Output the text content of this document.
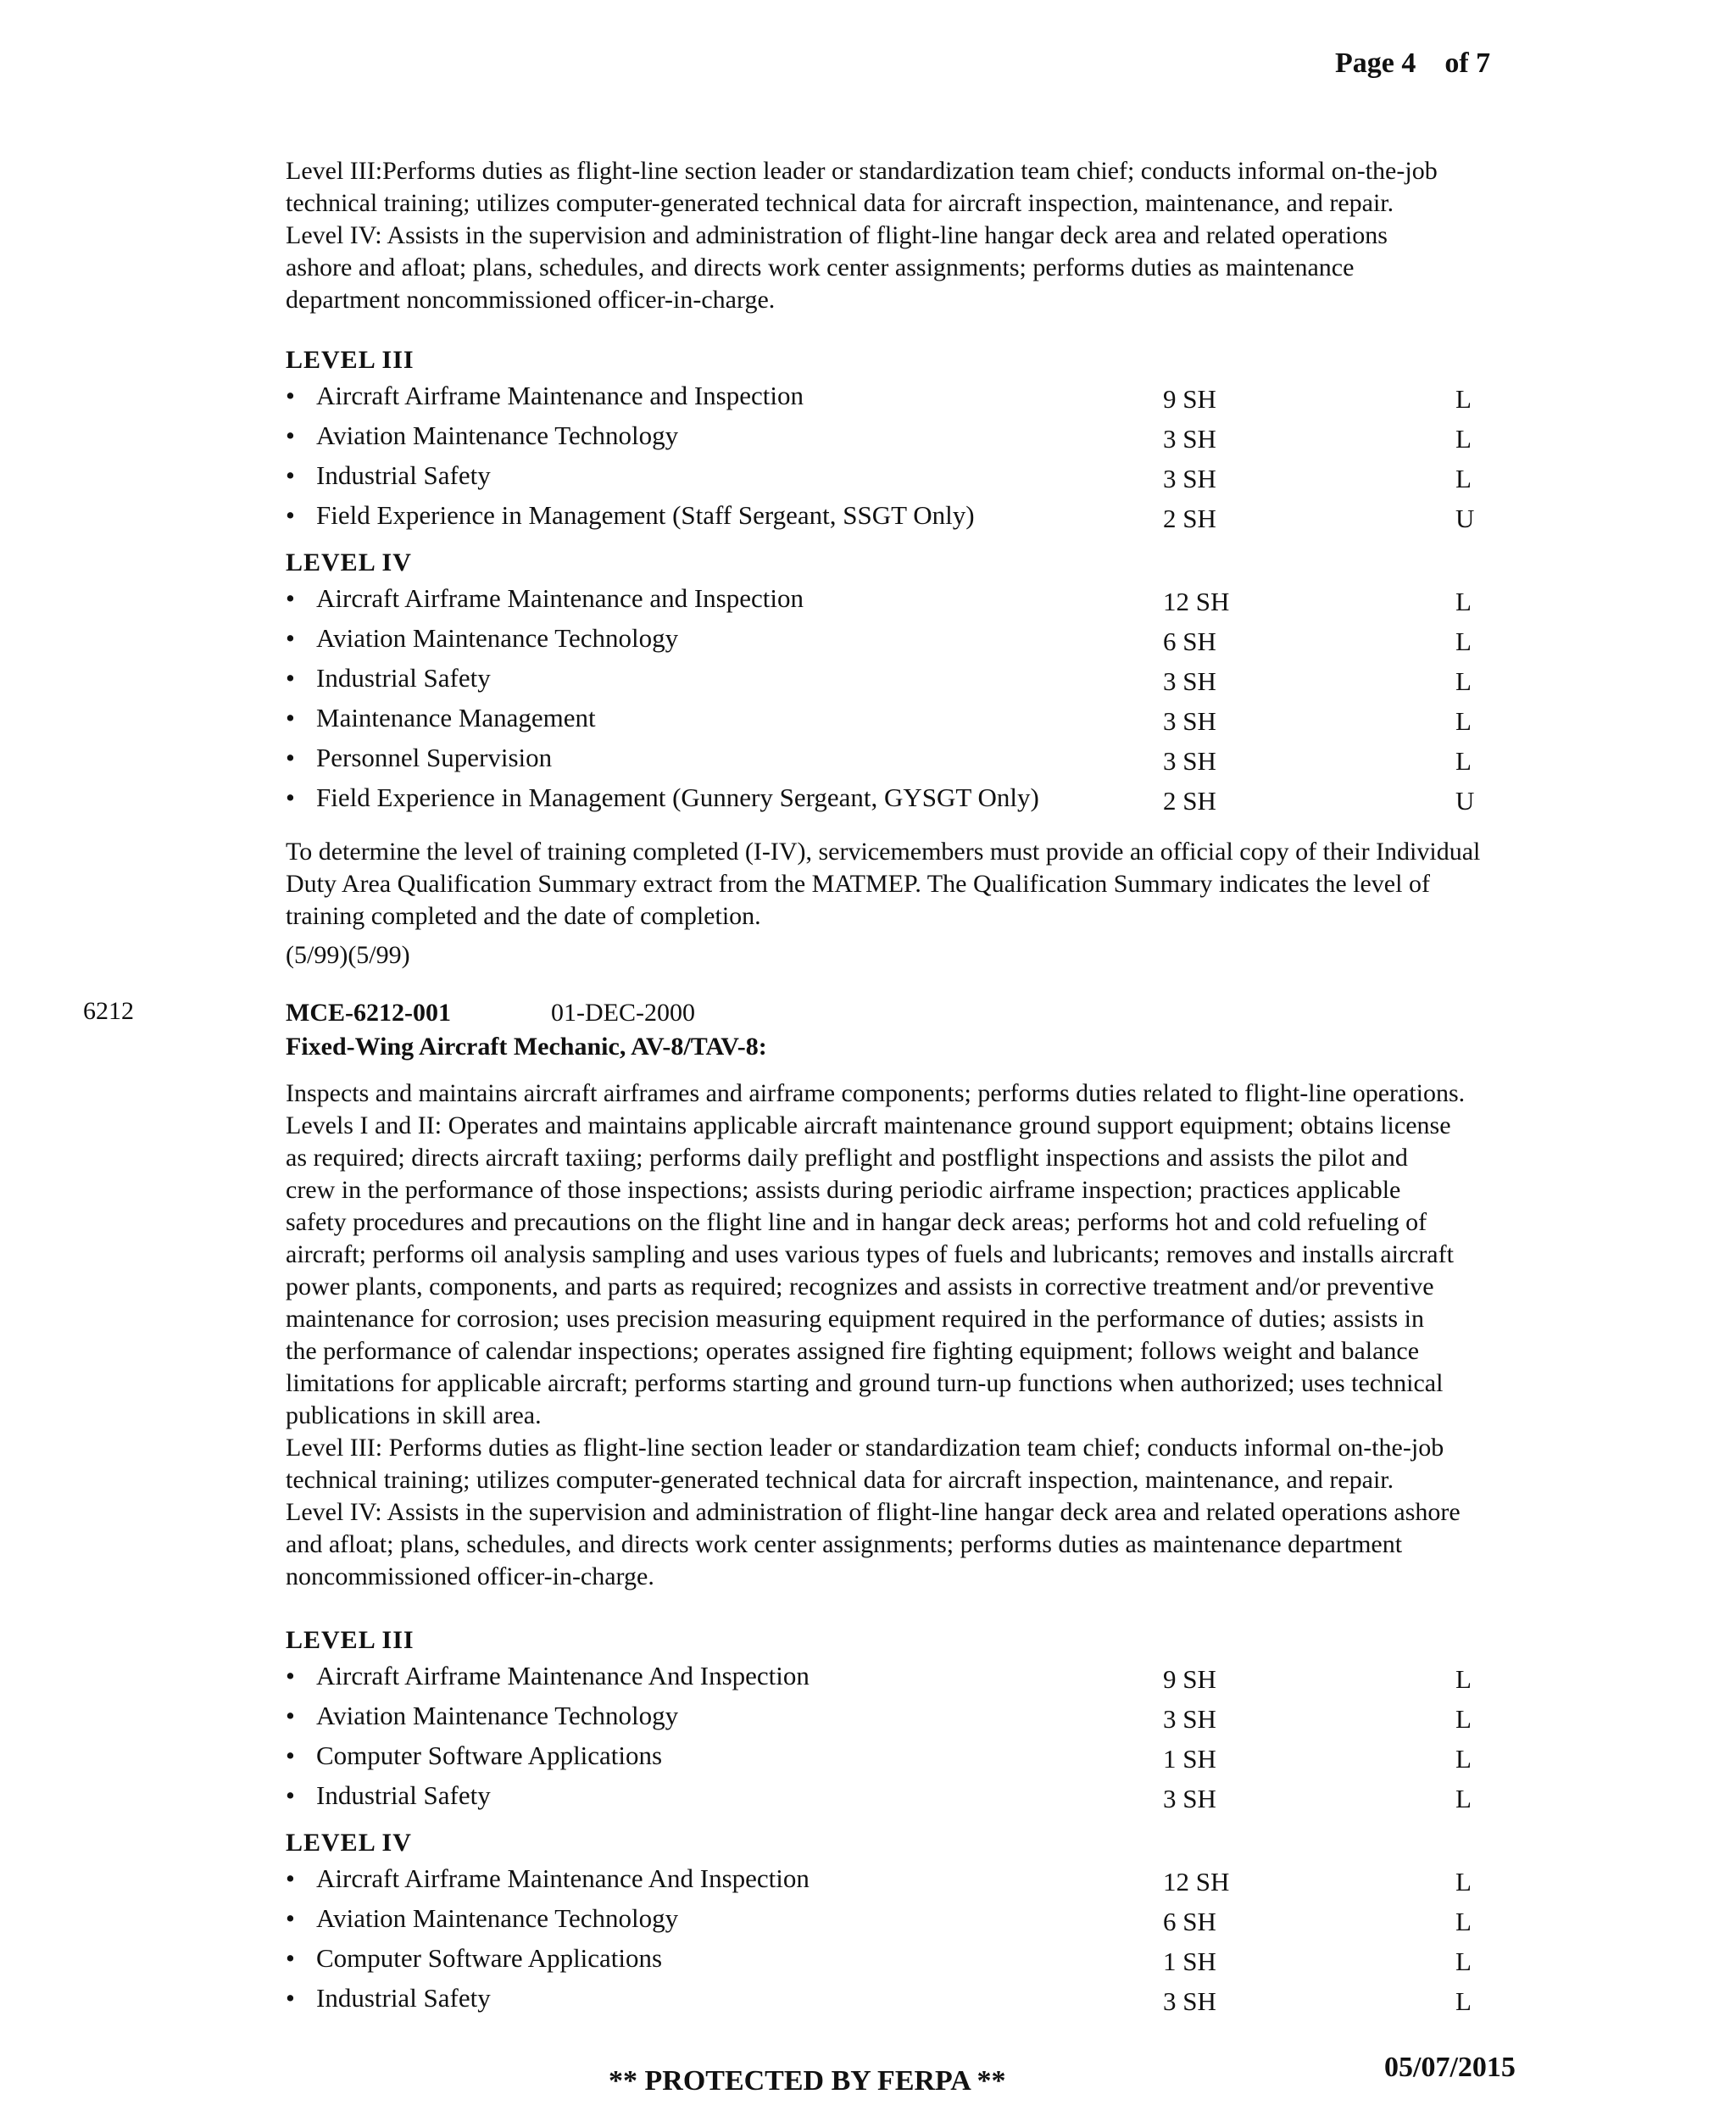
Page 4 of 7

Level III:Performs duties as flight-line section leader or standardization team chief; conducts informal on-the-job
technical training; utilizes computer-generated technical data for aircraft inspection, maintenance, and repair.
Level IV: Assists in the supervision and administration of flight-line hangar deck area and related operations
ashore and afloat; plans, schedules, and directs work center assignments; performs duties as maintenance
department noncommissioned officer-in-charge.

LEVEL III
• Aircraft Airframe Maintenance and Inspection	9 SH	L
• Aviation Maintenance Technology	3 SH	L
• Industrial Safety	3 SH	L
• Field Experience in Management (Staff Sergeant, SSGT Only)	2 SH	U
LEVEL IV
• Aircraft Airframe Maintenance and Inspection	12 SH	L
• Aviation Maintenance Technology	6 SH	L
• Industrial Safety	3 SH	L
• Maintenance Management	3 SH	L
• Personnel Supervision	3 SH	L
• Field Experience in Management (Gunnery Sergeant, GYSGT Only)	2 SH	U

To determine the level of training completed (I-IV), servicemembers must provide an official copy of their Individual
Duty Area Qualification Summary extract from the MATMEP. The Qualification Summary indicates the level of
training completed and the date of completion.

(5/99)(5/99)
6212	MCE-6212-001	01-DEC-2000
Fixed-Wing Aircraft Mechanic, AV-8/TAV-8:

Inspects and maintains aircraft airframes and airframe components; performs duties related to flight-line operations.
Levels I and II: Operates and maintains applicable aircraft maintenance ground support equipment; obtains license
as required; directs aircraft taxiing; performs daily preflight and postflight inspections and assists the pilot and
crew in the performance of those inspections; assists during periodic airframe inspection; practices applicable
safety procedures and precautions on the flight line and in hangar deck areas; performs hot and cold refueling of
aircraft; performs oil analysis sampling and uses various types of fuels and lubricants; removes and installs aircraft
power plants, components, and parts as required; recognizes and assists in corrective treatment and/or preventive
maintenance for corrosion; uses precision measuring equipment required in the performance of duties; assists in
the performance of calendar inspections; operates assigned fire fighting equipment; follows weight and balance
limitations for applicable aircraft; performs starting and ground turn-up functions when authorized; uses technical
publications in skill area.
Level III: Performs duties as flight-line section leader or standardization team chief; conducts informal on-the-job
technical training; utilizes computer-generated technical data for aircraft inspection, maintenance, and repair.
Level IV: Assists in the supervision and administration of flight-line hangar deck area and related operations ashore
and afloat; plans, schedules, and directs work center assignments; performs duties as maintenance department
noncommissioned officer-in-charge.

LEVEL III
• Aircraft Airframe Maintenance And Inspection	9 SH	L
• Aviation Maintenance Technology	3 SH	L
• Computer Software Applications	1 SH	L
• Industrial Safety	3 SH	L
LEVEL IV
• Aircraft Airframe Maintenance And Inspection	12 SH	L
• Aviation Maintenance Technology	6 SH	L
• Computer Software Applications	1 SH	L
• Industrial Safety	3 SH	L
** PROTECTED BY FERPA **	05/07/2015
